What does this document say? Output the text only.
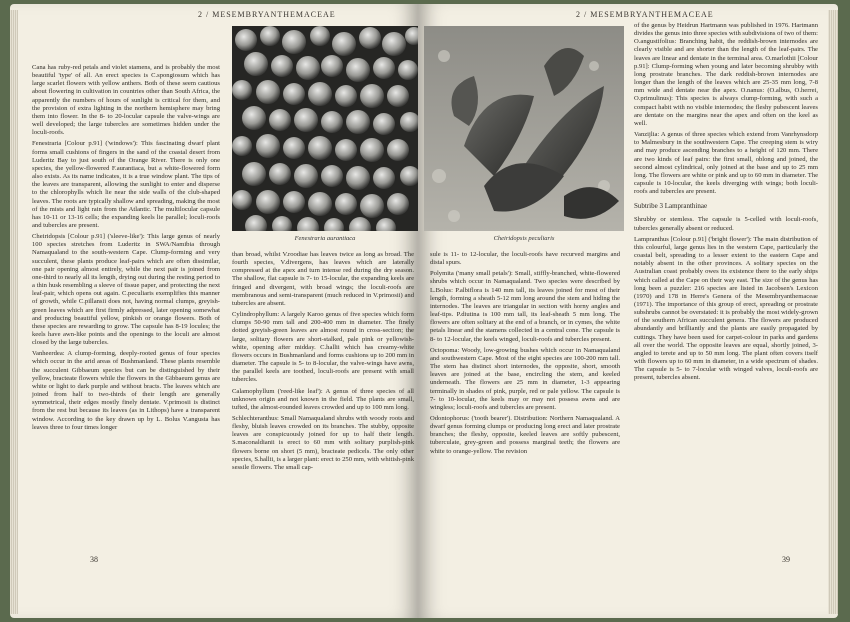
2 / MESEMBRYANTHEMACEAE

Cana has ruby-red petals and violet stamens, and is probably the most beautiful 'type' of all. An erect species is C.spongiosum which has large scarlet flowers with yellow anthers. Both of these seem cautious about flowering in cultivation in countries other than South Africa, the apparently the numbers of hours of sunlight is critical for them, and the provision of extra lighting in the northern hemisphere may bring them into flower. In the 8- to 20-locular capsule the valve-wings are well developed; the large tubercles are sometimes hidden under the loculi-roofs.

Fenestraria [Colour p.91] ('windows'): This fascinating dwarf plant forms small cushions of fingers in the sand of the coastal desert from Luderitz Bay to just south of the Orange River. There is only one species, the yellow-flowered F.aurantiaca, but a white-flowered form also exists. As its name indicates, it is a true window plant. The tips of the leaves are transparent, allowing the sunlight to enter and disperse to the chlorophylls which lie near the side walls of the club-shaped leaves. The roots are typically shallow and spreading, making the most of the mists and light rain from the Atlantic. The multilocular capsule has 10-11 or 13-16 cells; the expanding keels lie parallel; loculi-roofs and tubercles are present.

Cheiridopsis [Colour p.91] ('sleeve-like'): This large genus of nearly 100 species stretches from Luderitz in SWA/Namibia through Namaqualand to the south-western Cape. Clump-forming and very succulent, these plants produce leaf-pairs which are often dissimilar, one pair opening almost entirely, while the next pair is joined from one-third to nearly all its length, drying out during the resting period to a thin husk resembling a sleeve of tissue paper, and protecting the next leaf-pair, which opens out again. C.peculiaris exemplifies this manner of growth, while C.pillansii does not, having normal clumps, greyish-green leaves which are first firmly adpressed, later opening somewhat and producing beautiful yellow, pinkish or orange flowers. Both of these species are rewarding to grow. The capsule has 8-19 locules; the keels have awn-like points and the openings to the loculi are almost closed by the large tubercles.

Vanheerdea: A clump-forming, deeply-rooted genus of four species which occur in the arid areas of Bushmanland. These plants resemble the succulent Gibbaeum species but can be distinguished by their yellow, bracteate flowers while the flowers in the Gibbaeum genus are white or light to dark purple and without bracts. The leaves which are joined from half to two-thirds of their length are generally symmetrical, their edges mostly finely dentate. V.primosii is distinct from the rest but because its leaves (as in Lithops) have a transparent window. According to the key drawn up by L. Bolus V.angusta has leaves three to four times longer

Fenestraria aurantiaca

than broad, whilst V.roodiae has leaves twice as long as broad. The fourth species, V.divergens, has leaves which are laterally compressed at the apex and turn intense red during the dry season. The shallow, flat capsule is 7- to 15-locular, the expanding keels are fringed and divergent, with broad wings; the loculi-roofs are membranous and semi-transparent (much reduced in V.primosii) and tubercles are absent.

Cylindrophyllum: A largely Karoo genus of five species which form clumps 50-90 mm tall and 200-400 mm in diameter. The finely dotted greyish-green leaves are almost round in cross-section; the large, solitary flowers are short-stalked, pale pink or yellowish-white, opening after midday. C.hallii which has creamy-white flowers occurs in Bushmanland and forms cushions up to 200 mm in diameter. The capsule is 5- to 8-locular, the valve-wings have awns, the parallel keels are toothed, loculi-roofs are present with small tubercles.

Calamophyllum ('reed-like leaf'): A genus of three species of all unknown origin and not known in the field. The plants are small, tufted, the almost-rounded leaves crowded and up to 100 mm long.

Schlechteranthus: Small Namaqualand shrubs with woody roots and fleshy, bluish leaves crowded on its branches. The stubby, opposite leaves are conspicuously joined for up to half their length. S.maconaldianii is erect to 60 mm with solitary purplish-pink flowers borne on short (5 mm), bracteate pedicels. The only other species, S.hallii, is a larger plant: erect to 250 mm, with whitish-pink sessile flowers. The small cap-

38
2 / MESEMBRYANTHEMACEAE
Cheiridopsis peculiaris

sule is 11- to 12-locular, the loculi-roofs have recurved margins and distal spurs.

Polymita ('many small petals'): Small, stiffly-branched, white-flowered shrubs which occur in Namaqualand. Two species were described by L.Bolus: P.albiflora is 140 mm tall, its leaves joined for most of their length, forming a sheath 5-12 mm long around the stem and hiding the internodes. The leaves are triangular in section with horny angles and leaf-tips. P.diutina is 100 mm tall, its leaf-sheath 5 mm long. The flowers are often solitary at the end of a branch, or in cymes, the white petals linear and the stamens collected in a central cone. The capsule is 8- to 12-locular, the keels winged, loculi-roofs and tubercles present.

Octopoma: Woody, low-growing bushes which occur in Namaqualand and southwestern Cape. Most of the eight species are 100-200 mm tall. The stem has distinct short internodes, the opposite, short, smooth leaves are joined at the base, encircling the stem, and keeled underneath. The flowers are 25 mm in diameter, 1-3 appearing terminally in shades of pink, purple, red or pale yellow. The capsule is 7- to 10-locular, the keels may or may not possess awns and are wingless; loculi-roofs and tubercles are present.

Odontophorus: ('tooth bearer'). Distribution: Northern Namaqualand. A dwarf genus forming clumps or producing long erect and later prostrate branches; the fleshy, opposite, keeled leaves are softly pubescent, tuberculate, grey-green and possess marginal teeth; the flowers are white to orange-yellow. The revision

of the genus by Heidrun Hartmann was published in 1976. Hartmann divides the genus into three species with subdivisions of two of them: O.angustifolius: Branching habit, the reddish-brown internodes are clearly visible and are shorter than the length of the leaf-pairs. The leaves are linear and dentate in the terminal area. O.marlothii [Colour p.91]: Clump-forming when young and later becoming shrubby with long prostrate branches. The dark reddish-brown internodes are longer than the length of the leaves which are 25-35 mm long, 7-8 mm wide and dentate near the apex. O.nanus: (O.albus, O.herrei, O.primulinus): This species is always clump-forming, with such a compact habit with no visible internodes; the fleshy pubescent leaves are dentate on the margins near the apex and often on the keel as well.

Vanzijlia: A genus of three species which extend from Vanrhynsdorp to Malmesbury in the southwestern Cape. The creeping stem is wiry and may produce ascending branches to a height of 120 mm. There are two kinds of leaf pairs: the first small, oblong and joined, the second almost cylindrical, only joined at the base and up to 25 mm long. The flowers are white or pink and up to 60 mm in diameter. The capsule is 10-locular, the keels diverging with wings; both loculi-roofs and tubercles are present.

Subtribe 3 Lampranthinae

Shrubby or stemless. The capsule is 5-celled with loculi-roofs, tubercles generally absent or reduced.

Lampranthus [Colour p.91] ('bright flower'): The main distribution of this colourful, large genus lies in the western Cape, particularly the coastal belt, spreading to a lesser extent to the eastern Cape and notably absent in the other provinces. A solitary species on the Australian coast probably owes its existence there to the early ships which called at the Cape on their way east. The size of the genus has long been a puzzler: 216 species are listed in Jacobsen's Lexicon (1970) and 178 in Herre's Genera of the Mesembryanthemaceae (1971). The importance of this group of erect, spreading or prostrate subshrubs cannot be overstated: it is probably the most widely-grown of the southern African succulent genera. The flowers are produced abundantly and brilliantly and the plants are easily propagated by cuttings. They have been used for carpet-colour in parks and gardens all over the world. The opposite leaves are equal, shortly joined, 3-angled to terete and up to 50 mm long. The plant often covers itself with flowers up to 60 mm in diameter, in a wide spectrum of shades. The capsule is 5- to 7-locular with winged valves, loculi-roofs are present, tubercles absent.

39
